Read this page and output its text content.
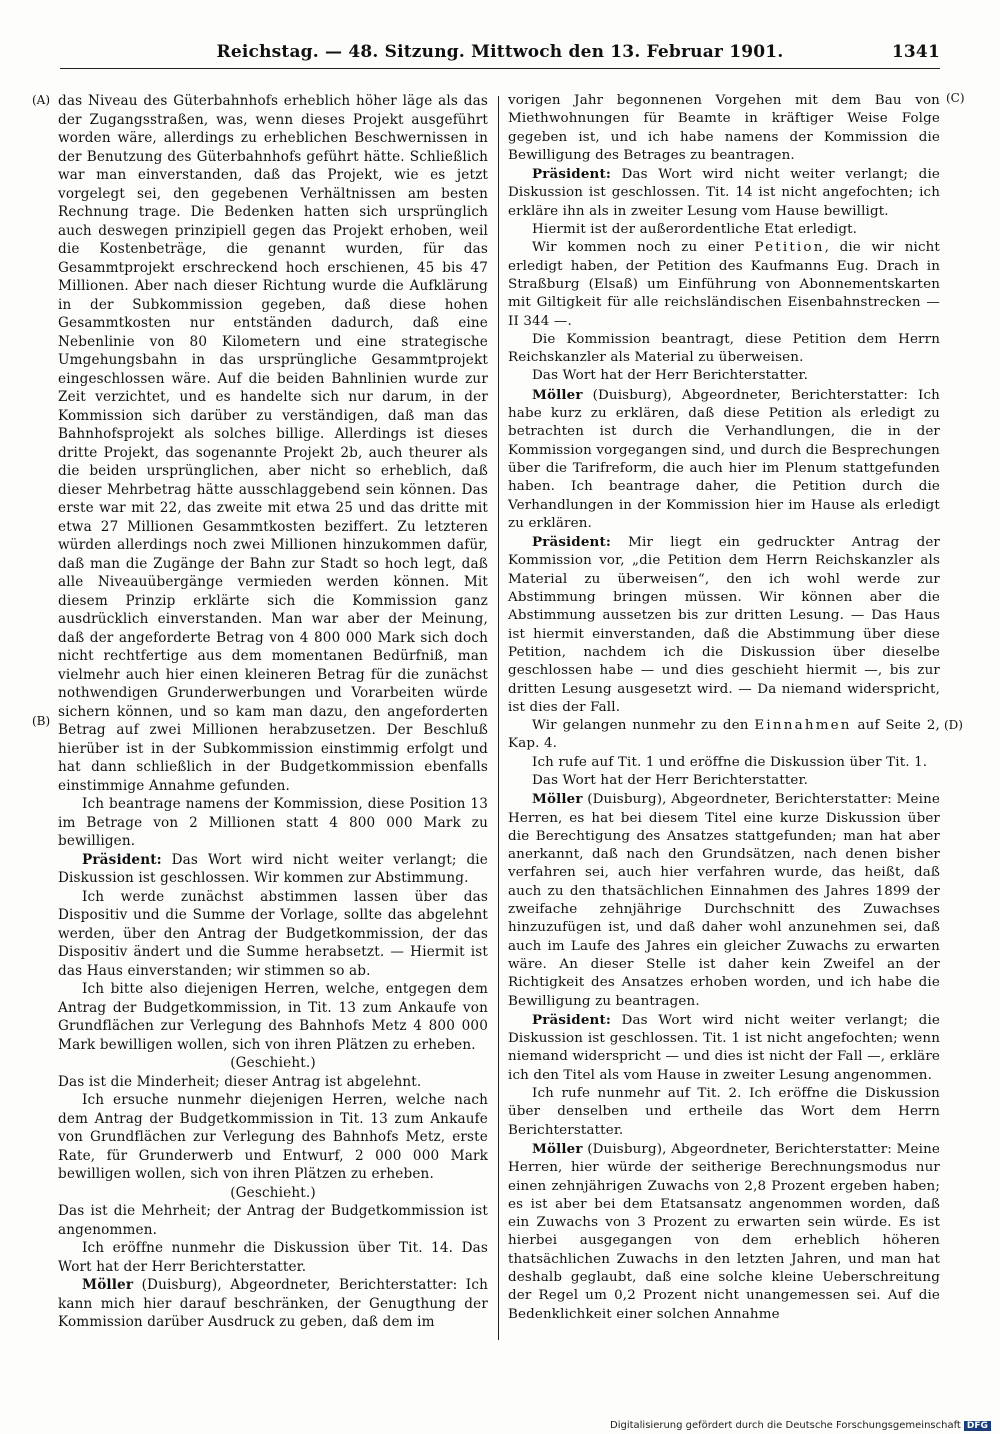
Reichstag. — 48. Sitzung. Mittwoch den 13. Februar 1901.	1341
(A)
(B)
(C)
(D)

das Niveau des Güterbahnhofs erheblich höher läge als das der Zugangsstraßen, was, wenn dieses Projekt ausgeführt worden wäre, allerdings zu erheblichen Beschwernissen in der Benutzung des Güterbahnhofs geführt hätte. Schließlich war man einverstanden, daß das Projekt, wie es jetzt vorgelegt sei, den gegebenen Verhältnissen am besten Rechnung trage. Die Bedenken hatten sich ursprünglich auch deswegen prinzipiell gegen das Projekt erhoben, weil die Kostenbeträge, die genannt wurden, für das Gesammtprojekt erschreckend hoch erschienen, 45 bis 47 Millionen. Aber nach dieser Richtung wurde die Aufklärung in der Subkommission gegeben, daß diese hohen Gesammtkosten nur entständen dadurch, daß eine Nebenlinie von 80 Kilometern und eine strategische Umgehungsbahn in das ursprüngliche Gesammtprojekt eingeschlossen wäre. Auf die beiden Bahnlinien wurde zur Zeit verzichtet, und es handelte sich nur darum, in der Kommission sich darüber zu verständigen, daß man das Bahnhofsprojekt als solches billige. Allerdings ist dieses dritte Projekt, das sogenannte Projekt 2b, auch theurer als die beiden ursprünglichen, aber nicht so erheblich, daß dieser Mehrbetrag hätte ausschlaggebend sein können. Das erste war mit 22, das zweite mit etwa 25 und das dritte mit etwa 27 Millionen Gesammtkosten beziffert. Zu letzteren würden allerdings noch zwei Millionen hinzukommen dafür, daß man die Zugänge der Bahn zur Stadt so hoch legt, daß alle Niveauübergänge vermieden werden können. Mit diesem Prinzip erklärte sich die Kommission ganz ausdrücklich einverstanden. Man war aber der Meinung, daß der angeforderte Betrag von 4 800 000 Mark sich doch nicht rechtfertige aus dem momentanen Bedürfniß, man vielmehr auch hier einen kleineren Betrag für die zunächst nothwendigen Grunderwerbungen und Vorarbeiten würde sichern können, und so kam man dazu, den angeforderten Betrag auf zwei Millionen herabzusetzen. Der Beschluß hierüber ist in der Subkommission einstimmig erfolgt und hat dann schließlich in der Budgetkommission ebenfalls einstimmige Annahme gefunden.

Ich beantrage namens der Kommission, diese Position 13 im Betrage von 2 Millionen statt 4 800 000 Mark zu bewilligen.

Präsident: Das Wort wird nicht weiter verlangt; die Diskussion ist geschlossen. Wir kommen zur Abstimmung.

Ich werde zunächst abstimmen lassen über das Dispositiv und die Summe der Vorlage, sollte das abgelehnt werden, über den Antrag der Budgetkommission, der das Dispositiv ändert und die Summe herabsetzt. — Hiermit ist das Haus einverstanden; wir stimmen so ab.

Ich bitte also diejenigen Herren, welche, entgegen dem Antrag der Budgetkommission, in Tit. 13 zum Ankaufe von Grundflächen zur Verlegung des Bahnhofs Metz 4 800 000 Mark bewilligen wollen, sich von ihren Plätzen zu erheben.

(Geschieht.)

Das ist die Minderheit; dieser Antrag ist abgelehnt.

Ich ersuche nunmehr diejenigen Herren, welche nach dem Antrag der Budgetkommission in Tit. 13 zum Ankaufe von Grundflächen zur Verlegung des Bahnhofs Metz, erste Rate, für Grunderwerb und Entwurf, 2 000 000 Mark bewilligen wollen, sich von ihren Plätzen zu erheben.

(Geschieht.)

Das ist die Mehrheit; der Antrag der Budgetkommission ist angenommen.

Ich eröffne nunmehr die Diskussion über Tit. 14. Das Wort hat der Herr Berichterstatter.

Möller (Duisburg), Abgeordneter, Berichterstatter: Ich kann mich hier darauf beschränken, der Genugthung der Kommission darüber Ausdruck zu geben, daß dem im

vorigen Jahr begonnenen Vorgehen mit dem Bau von Miethwohnungen für Beamte in kräftiger Weise Folge gegeben ist, und ich habe namens der Kommission die Bewilligung des Betrages zu beantragen.

Präsident: Das Wort wird nicht weiter verlangt; die Diskussion ist geschlossen. Tit. 14 ist nicht angefochten; ich erkläre ihn als in zweiter Lesung vom Hause bewilligt.

Hiermit ist der außerordentliche Etat erledigt.

Wir kommen noch zu einer Petition, die wir nicht erledigt haben, der Petition des Kaufmanns Eug. Drach in Straßburg (Elsaß) um Einführung von Abonnementskarten mit Giltigkeit für alle reichsländischen Eisenbahnstrecken — II 344 —.

Die Kommission beantragt, diese Petition dem Herrn Reichskanzler als Material zu überweisen.

Das Wort hat der Herr Berichterstatter.

Möller (Duisburg), Abgeordneter, Berichterstatter: Ich habe kurz zu erklären, daß diese Petition als erledigt zu betrachten ist durch die Verhandlungen, die in der Kommission vorgegangen sind, und durch die Besprechungen über die Tarifreform, die auch hier im Plenum stattgefunden haben. Ich beantrage daher, die Petition durch die Verhandlungen in der Kommission hier im Hause als erledigt zu erklären.

Präsident: Mir liegt ein gedruckter Antrag der Kommission vor, „die Petition dem Herrn Reichskanzler als Material zu überweisen“, den ich wohl werde zur Abstimmung bringen müssen. Wir können aber die Abstimmung aussetzen bis zur dritten Lesung. — Das Haus ist hiermit einverstanden, daß die Abstimmung über diese Petition, nachdem ich die Diskussion über dieselbe geschlossen habe — und dies geschieht hiermit —, bis zur dritten Lesung ausgesetzt wird. — Da niemand widerspricht, ist dies der Fall.

Wir gelangen nunmehr zu den Einnahmen auf Seite 2, Kap. 4.

Ich rufe auf Tit. 1 und eröffne die Diskussion über Tit. 1.

Das Wort hat der Herr Berichterstatter.

Möller (Duisburg), Abgeordneter, Berichterstatter: Meine Herren, es hat bei diesem Titel eine kurze Diskussion über die Berechtigung des Ansatzes stattgefunden; man hat aber anerkannt, daß nach den Grundsätzen, nach denen bisher verfahren sei, auch hier verfahren wurde, das heißt, daß auch zu den thatsächlichen Einnahmen des Jahres 1899 der zweifache zehnjährige Durchschnitt des Zuwachses hinzuzufügen ist, und daß daher wohl anzunehmen sei, daß auch im Laufe des Jahres ein gleicher Zuwachs zu erwarten wäre. An dieser Stelle ist daher kein Zweifel an der Richtigkeit des Ansatzes erhoben worden, und ich habe die Bewilligung zu beantragen.

Präsident: Das Wort wird nicht weiter verlangt; die Diskussion ist geschlossen. Tit. 1 ist nicht angefochten; wenn niemand widerspricht — und dies ist nicht der Fall —, erkläre ich den Titel als vom Hause in zweiter Lesung angenommen.

Ich rufe nunmehr auf Tit. 2. Ich eröffne die Diskussion über denselben und ertheile das Wort dem Herrn Berichterstatter.

Möller (Duisburg), Abgeordneter, Berichterstatter: Meine Herren, hier würde der seitherige Berechnungsmodus nur einen zehnjährigen Zuwachs von 2,8 Prozent ergeben haben; es ist aber bei dem Etatsansatz angenommen worden, daß ein Zuwachs von 3 Prozent zu erwarten sein würde. Es ist hierbei ausgegangen von dem erheblich höheren thatsächlichen Zuwachs in den letzten Jahren, und man hat deshalb geglaubt, daß eine solche kleine Ueberschreitung der Regel um 0,2 Prozent nicht unangemessen sei. Auf die Bedenklichkeit einer solchen Annahme

Digitalisierung gefördert durch die Deutsche Forschungsgemeinschaft DFG
